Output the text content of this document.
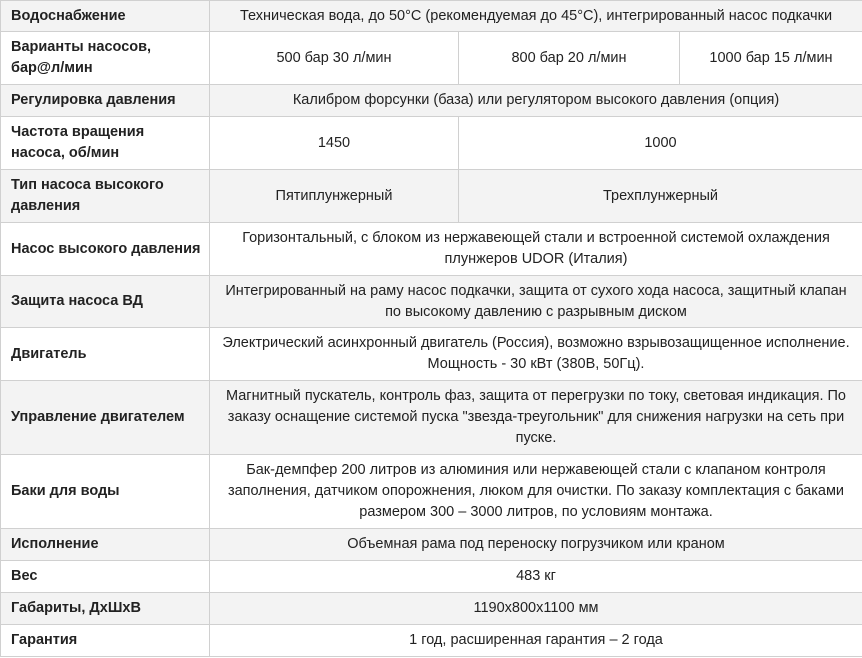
Водоснабжение	Техническая вода, до 50°C (рекомендуемая до 45°C), интегрированный насос подкачки		
Варианты насосов, бар@л/мин	500 бар 30 л/мин	800 бар 20 л/мин	1000 бар 15 л/мин
Регулировка давления	Калибром форсунки (база) или регулятором высокого давления (опция)		
Частота вращения насоса, об/мин	1450	1000	
Тип насоса высокого давления	Пятиплунжерный	Трехплунжерный	
Насос высокого давления	Горизонтальный, с блоком из нержавеющей стали и встроенной системой охлаждения плунжеров UDOR (Италия)		
Защита насоса ВД	Интегрированный на раму насос подкачки, защита от сухого хода насоса, защитный клапан по высокому давлению с разрывным диском		
Двигатель	Электрический асинхронный двигатель (Россия), возможно взрывозащищенное исполнение. Мощность - 30 кВт (380В, 50Гц).		
Управление двигателем	Магнитный пускатель, контроль фаз, защита от перегрузки по току, световая индикация. По заказу оснащение системой пуска "звезда-треугольник" для снижения нагрузки на сеть при пуске.		
Баки для воды	Бак-демпфер 200 литров из алюминия или нержавеющей стали с клапаном контроля заполнения, датчиком опорожнения, люком для очистки. По заказу комплектация с баками размером 300 – 3000 литров, по условиям монтажа.		
Исполнение	Объемная рама под переноску погрузчиком или краном		
Вес	483 кг		
Габариты, ДхШхВ	1190x800x1100 мм		
Гарантия	1 год, расширенная гарантия – 2 года		
